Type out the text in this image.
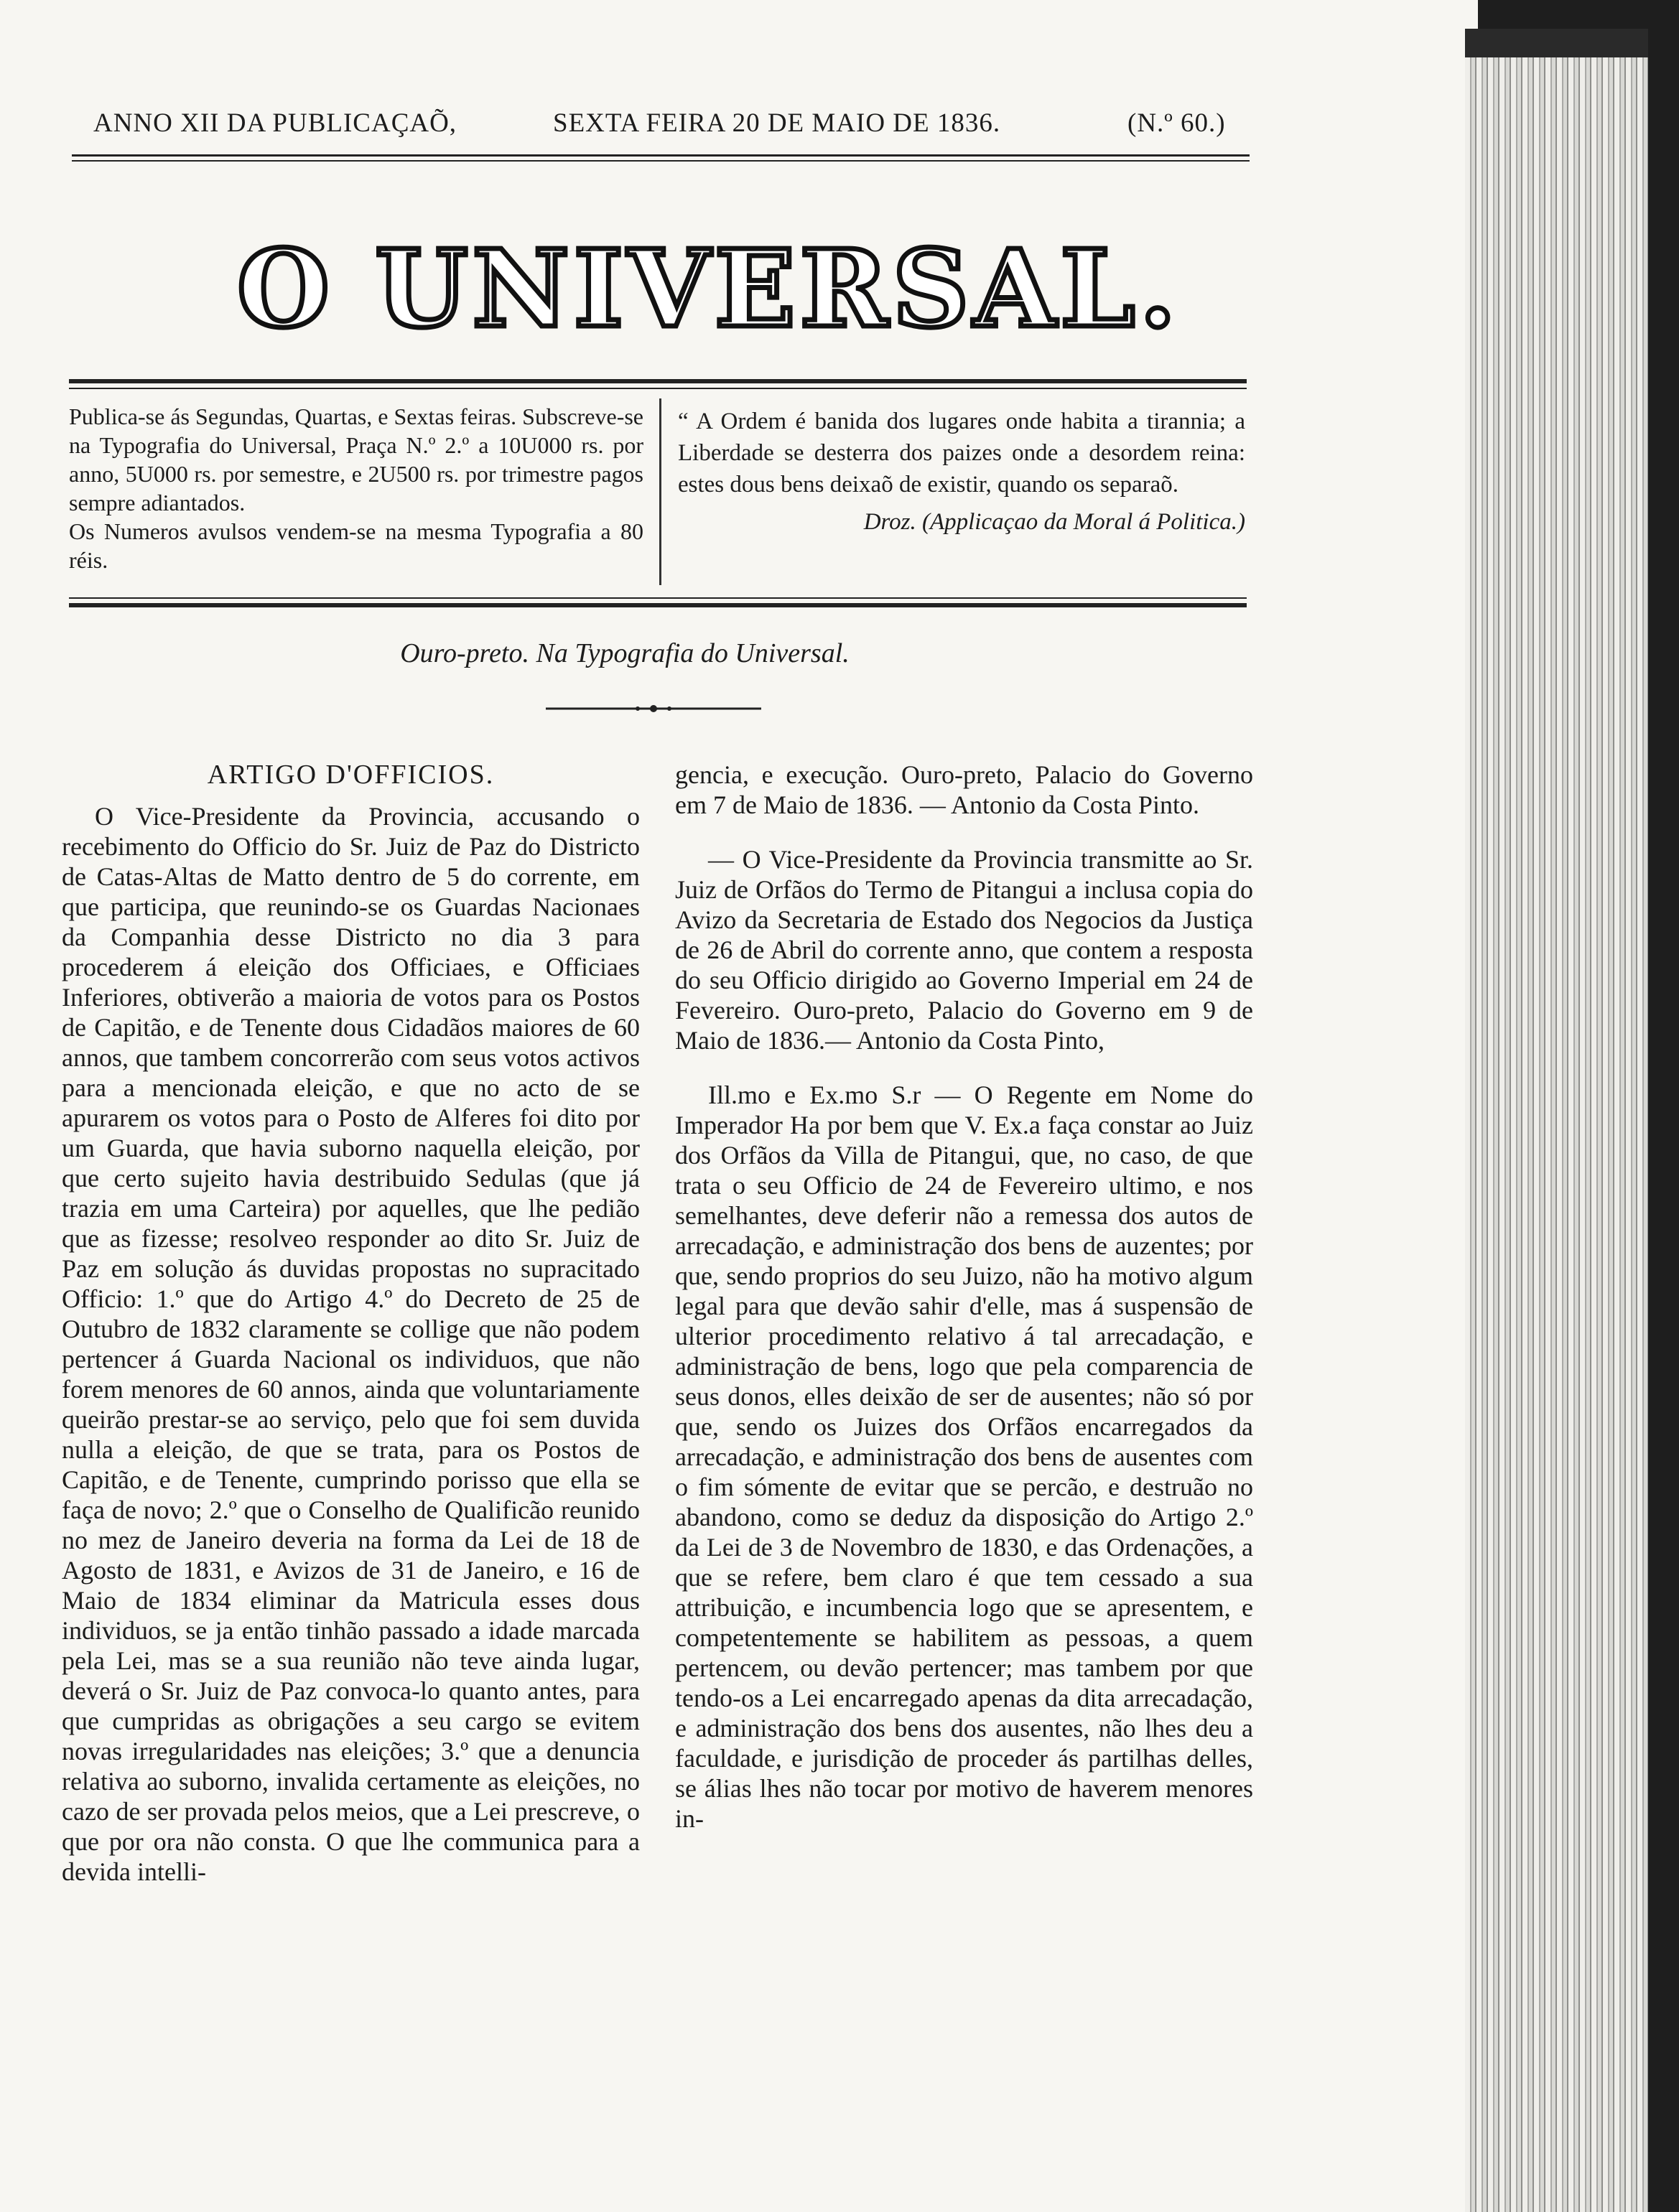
ANNO XII DA PUBLICAÇAÕ,	SEXTA FEIRA 20 DE MAIO DE 1836.	(N.º 60.)
O UNIVERSAL.

Publica-se ás Segundas, Quartas, e Sextas feiras. Subscreve-se na Typografia do Universal, Praça N.º 2.º a 10U000 rs. por anno, 5U000 rs. por semestre, e 2U500 rs. por trimestre pagos sempre adiantados.

Os Numeros avulsos vendem-se na mesma Typografia a 80 réis.

“ A Ordem é banida dos lugares onde habita a tirannia; a Liberdade se desterra dos paizes onde a desordem reina: estes dous bens deixaõ de existir, quando os separaõ.

Droz. (Applicaçao da Moral á Politica.)

Ouro-preto. Na Typografia do Universal.
ARTIGO D'OFFICIOS.

O Vice-Presidente da Provincia, accusando o recebimento do Officio do Sr. Juiz de Paz do Districto de Catas-Altas de Matto dentro de 5 do corrente, em que participa, que reunindo-se os Guardas Nacionaes da Companhia desse Districto no dia 3 para procederem á eleição dos Officiaes, e Officiaes Inferiores, obtiverão a maioria de votos para os Postos de Capitão, e de Tenente dous Cidadãos maiores de 60 annos, que tambem concorrerão com seus votos activos para a mencionada eleição, e que no acto de se apurarem os votos para o Posto de Alferes foi dito por um Guarda, que havia suborno naquella eleição, por que certo sujeito havia destribuido Sedulas (que já trazia em uma Carteira) por aquelles, que lhe pedião que as fizesse; resolveo responder ao dito Sr. Juiz de Paz em solução ás duvidas propostas no supracitado Officio: 1.º que do Artigo 4.º do Decreto de 25 de Outubro de 1832 claramente se collige que não podem pertencer á Guarda Nacional os individuos, que não forem menores de 60 annos, ainda que voluntariamente queirão prestar-se ao serviço, pelo que foi sem duvida nulla a eleição, de que se trata, para os Postos de Capitão, e de Tenente, cumprindo porisso que ella se faça de novo; 2.º que o Conselho de Qualificão reunido no mez de Janeiro deveria na forma da Lei de 18 de Agosto de 1831, e Avizos de 31 de Janeiro, e 16 de Maio de 1834 eliminar da Matricula esses dous individuos, se ja então tinhão passado a idade marcada pela Lei, mas se a sua reunião não teve ainda lugar, deverá o Sr. Juiz de Paz convoca-lo quanto antes, para que cumpridas as obrigações a seu cargo se evitem novas irregularidades nas eleições; 3.º que a denuncia relativa ao suborno, invalida certamente as eleições, no cazo de ser provada pelos meios, que a Lei prescreve, o que por ora não consta. O que lhe communica para a devida intelli-

gencia, e execução. Ouro-preto, Palacio do Governo em 7 de Maio de 1836. — Antonio da Costa Pinto.

— O Vice-Presidente da Provincia transmitte ao Sr. Juiz de Orfãos do Termo de Pitangui a inclusa copia do Avizo da Secretaria de Estado dos Negocios da Justiça de 26 de Abril do corrente anno, que contem a resposta do seu Officio dirigido ao Governo Imperial em 24 de Fevereiro. Ouro-preto, Palacio do Governo em 9 de Maio de 1836.— Antonio da Costa Pinto,

Ill.mo e Ex.mo S.r — O Regente em Nome do Imperador Ha por bem que V. Ex.a faça constar ao Juiz dos Orfãos da Villa de Pitangui, que, no caso, de que trata o seu Officio de 24 de Fevereiro ultimo, e nos semelhantes, deve deferir não a remessa dos autos de arrecadação, e administração dos bens de auzentes; por que, sendo proprios do seu Juizo, não ha motivo algum legal para que devão sahir d'elle, mas á suspensão de ulterior procedimento relativo á tal arrecadação, e administração de bens, logo que pela comparencia de seus donos, elles deixão de ser de ausentes; não só por que, sendo os Juizes dos Orfãos encarregados da arrecadação, e administração dos bens de ausentes com o fim sómente de evitar que se percão, e destruão no abandono, como se deduz da disposição do Artigo 2.º da Lei de 3 de Novembro de 1830, e das Ordenações, a que se refere, bem claro é que tem cessado a sua attribuição, e incumbencia logo que se apresentem, e competentemente se habilitem as pessoas, a quem pertencem, ou devão pertencer; mas tambem por que tendo-os a Lei encarregado apenas da dita arrecadação, e administração dos bens dos ausentes, não lhes deu a faculdade, e jurisdição de proceder ás partilhas delles, se álias lhes não tocar por motivo de haverem menores in-
